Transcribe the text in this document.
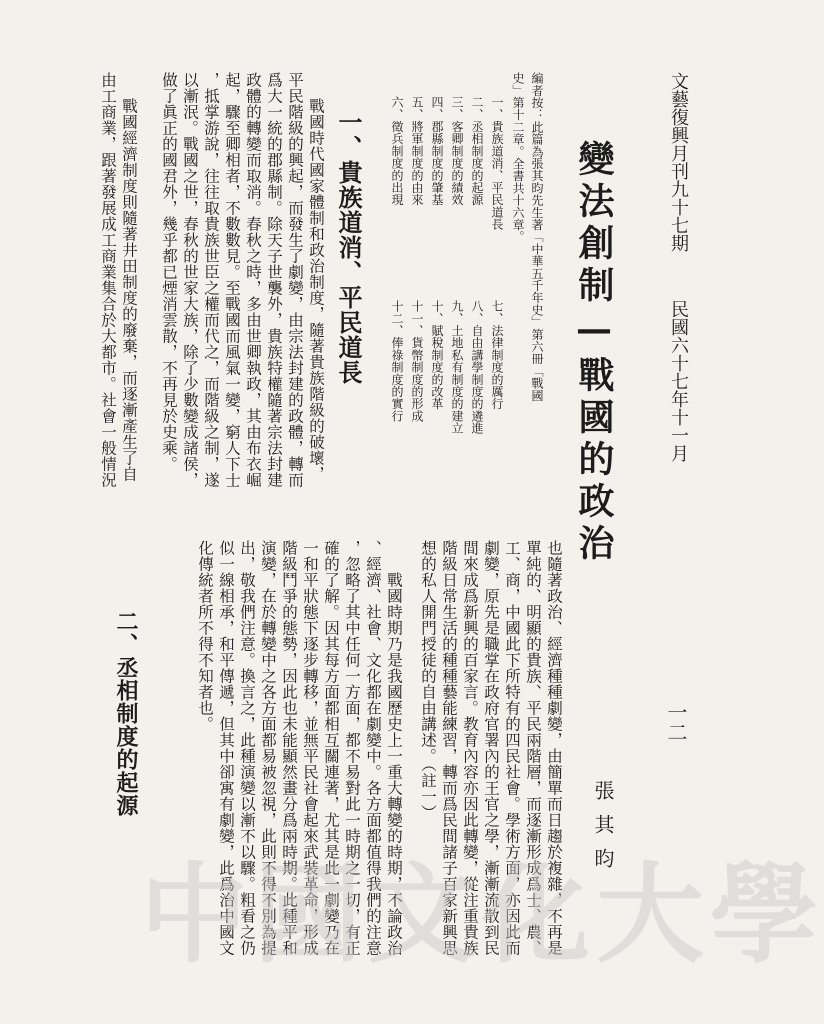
文藝復興月刊九十七期
民國六十七年十一月
一二
變法創制—戰國的政治
張其昀
編者按：此篇為張其昀先生著「中華五千年史」第六冊「戰國
史」第十二章。全書共十六章。
一、貴族道消、平民道長
七、法律制度的厲行
二、丞相制度的起源
八、自由講學制度的遴進
三、客卿制度的績效
九、土地私有制度的建立
四、郡縣制度的肇基
十、賦稅制度的改革
五、將軍制度的由來
十一、貨幣制度的形成
六、徵兵制度的出現
十二、俸祿制度的實行
一、貴族道消、平民道長
戰國時代國家體制和政治制度，隨著貴族階級的破壞，
平民階級的興起，而發生了劇變，由宗法封建的政體，轉而
爲大一統的郡縣制。除天子世襲外，貴族特權隨著宗法封建
政體的轉變而取消。春秋之時，多由世卿執政，其由布衣崛
起，驟至卿相者，不數數見。至戰國而風氣一變，窮人下士
，抵掌游說，往往取貴族世臣之權而代之，而階級之制，遂
以漸泯。戰國之世，春秋的世家大族，除了少數變成諸侯，
做了眞正的國君外，幾乎都已煙消雲散，不再見於史乘。
戰國經濟制度則隨著井田制度的廢棄，而逐漸產生了自
由工商業，跟著發展成工商業集合於大都市。社會一般情況
也隨著政治、經濟種種劇變，由簡單而日趨於複雜，不再是
單純的、明顯的貴族、平民兩階層，而逐漸形成爲士、農、
工、商，中國此下所特有的四民社會。學術方面，亦因此而
劇變，原先是職掌在政府官署內的王官之學，漸漸流散到民
間來成爲新興的百家言。教育內容亦因此轉變，從注重貴族
階級日常生活的種種藝能練習，轉而爲民間諸子百家新興思
想的私人開門授徒的自由講述。（註一）
戰國時期乃是我國歷史上一重大轉變的時期，不論政治
、經濟、社會、文化都在劇變中。各方面都值得我們的注意
，忽略了其中任何一方面，都不易對此一時期之一切，有正
確的了解。因其每方面都相互關連著，尤其是此一劇變乃在
一和平狀態下逐步轉移，並無平民社會起來武裝革命，形成
階級鬥爭的態勢，因此也未能顯然畫分爲兩時期。此種平和
演變，在於轉變中之各方面都易被忽視，此則不得不別為提
出，敬我們注意。換言之，此種演變以漸不以驟。粗看之仍
似一線相承，和平傳遞，但其中卻寓有劇變，此爲治中國文
化傳統者所不得不知者也。
二、丞相制度的起源
中國文化大學
